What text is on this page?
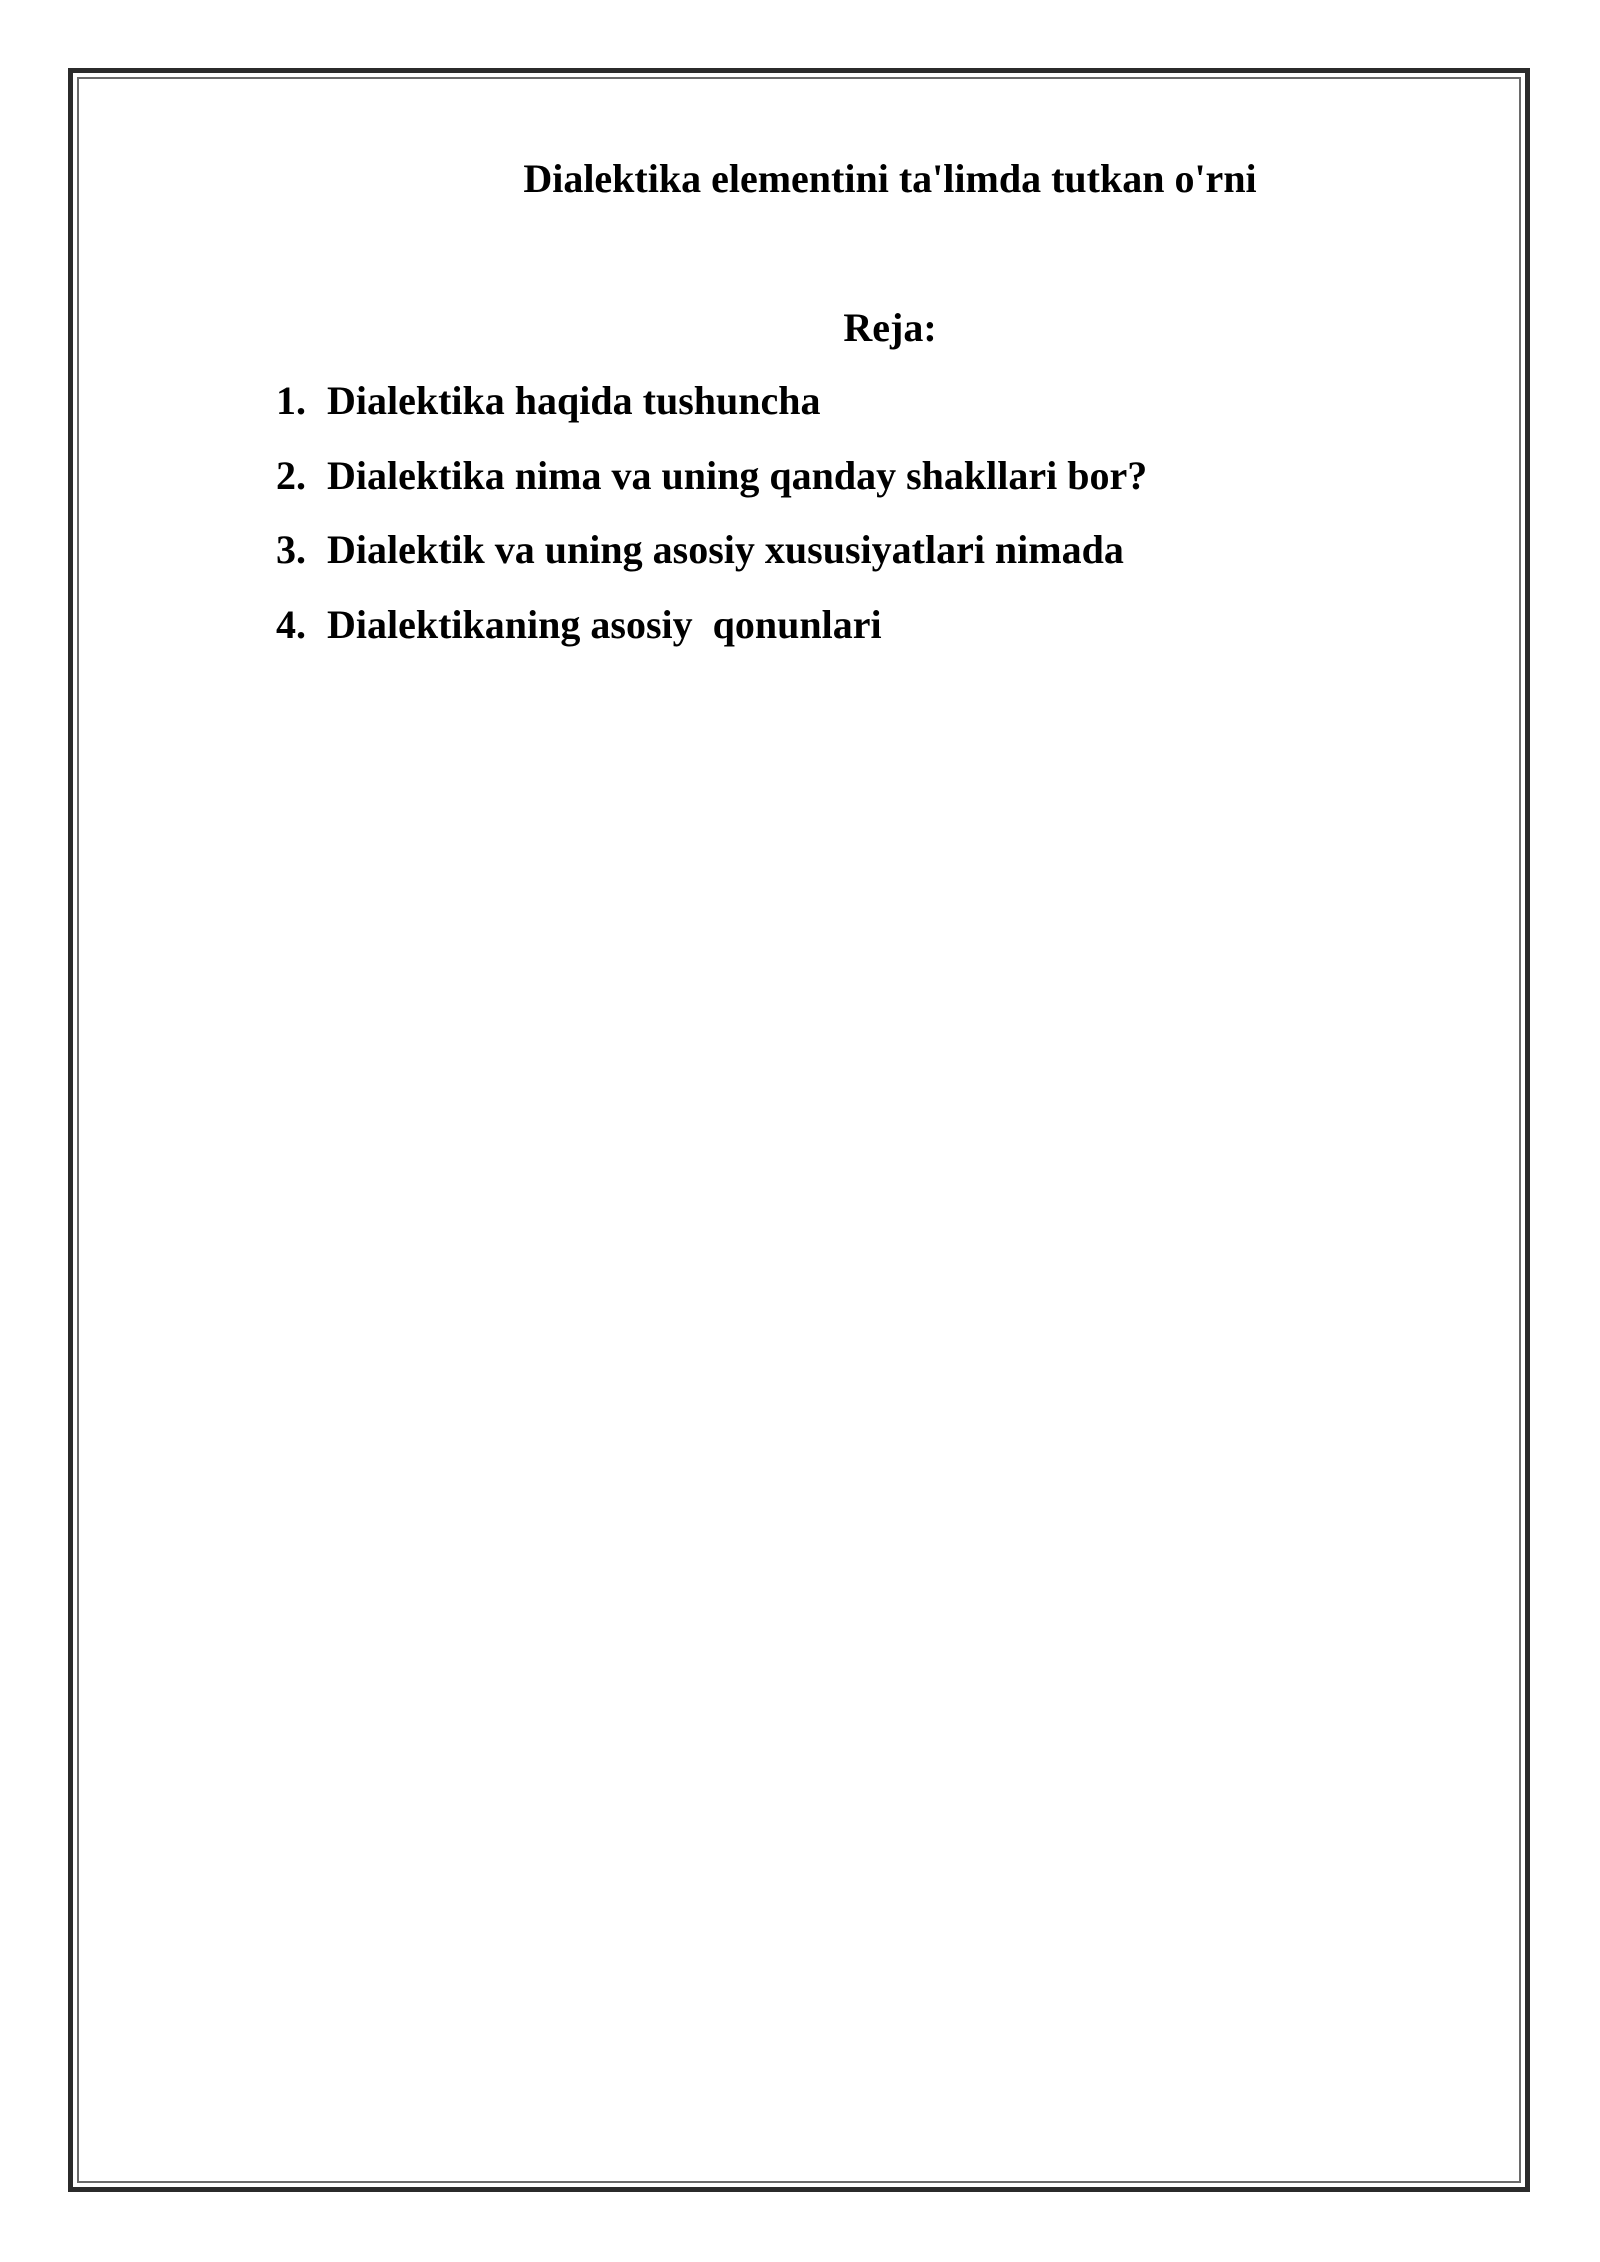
Dialektika elementini ta'limda tutkan o'rni
Reja:
1. Dialektika haqida tushuncha
2. Dialektika nima va uning qanday shakllari bor?
3. Dialektik va uning asosiy xususiyatlari nimada
4. Dialektikaning asosiy  qonunlari
